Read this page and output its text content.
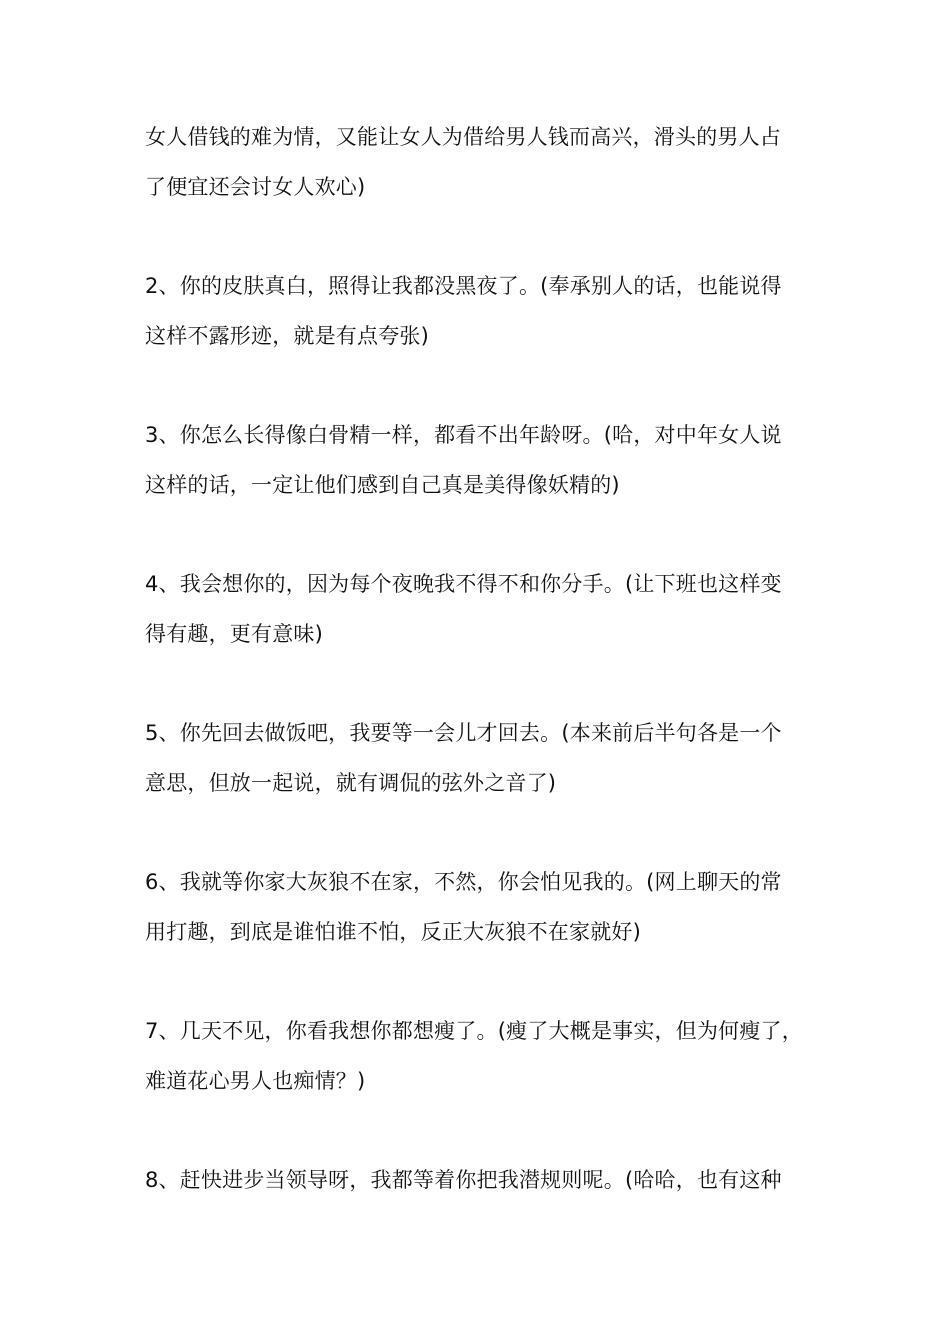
女人借钱的难为情，又能让女人为借给男人钱而高兴，滑头的男人占
了便宜还会讨女人欢心)
2、你的皮肤真白，照得让我都没黑夜了。(奉承别人的话，也能说得
这样不露形迹，就是有点夸张)
3、你怎么长得像白骨精一样，都看不出年龄呀。(哈，对中年女人说
这样的话，一定让他们感到自己真是美得像妖精的)
4、我会想你的，因为每个夜晚我不得不和你分手。(让下班也这样变
得有趣，更有意味)
5、你先回去做饭吧，我要等一会儿才回去。(本来前后半句各是一个
意思，但放一起说，就有调侃的弦外之音了)
6、我就等你家大灰狼不在家，不然，你会怕见我的。(网上聊天的常
用打趣，到底是谁怕谁不怕，反正大灰狼不在家就好)
7、几天不见，你看我想你都想瘦了。(瘦了大概是事实，但为何瘦了，
难道花心男人也痴情？)
8、赶快进步当领导呀，我都等着你把我潜规则呢。(哈哈，也有这种
